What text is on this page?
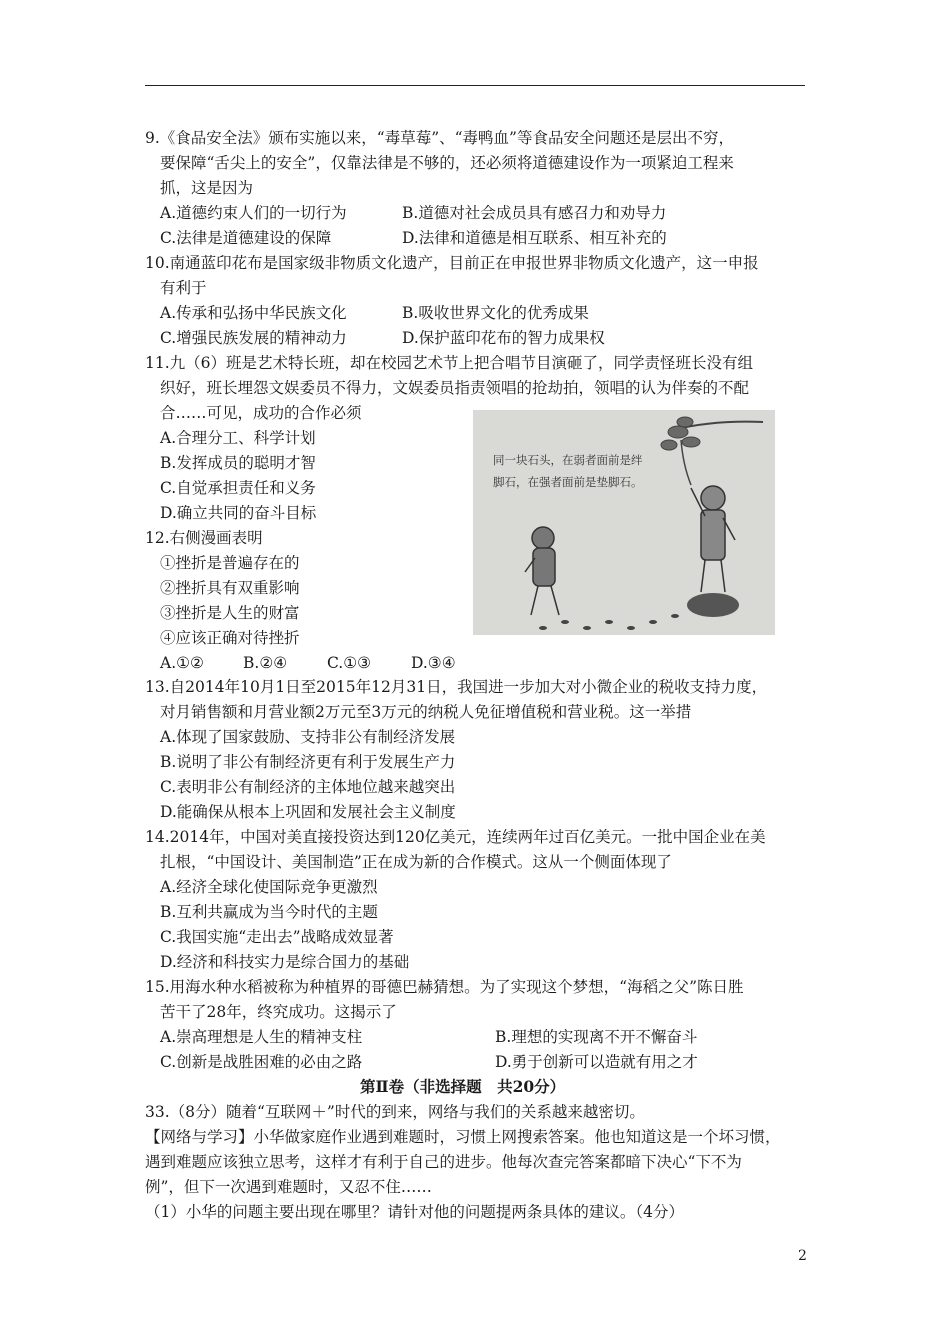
9.《食品安全法》颁布实施以来，“毒草莓”、“毒鸭血”等食品安全问题还是层出不穷，
要保障“舌尖上的安全”，仅靠法律是不够的，还必须将道德建设作为一项紧迫工程来
抓，这是因为
A.道德约束人们的一切行为	B.道德对社会成员具有感召力和劝导力
C.法律是道德建设的保障	D.法律和道德是相互联系、相互补充的
10.南通蓝印花布是国家级非物质文化遗产，目前正在申报世界非物质文化遗产，这一申报
有利于
A.传承和弘扬中华民族文化	B.吸收世界文化的优秀成果
C.增强民族发展的精神动力	D.保护蓝印花布的智力成果权
11.九（6）班是艺术特长班，却在校园艺术节上把合唱节目演砸了，同学责怪班长没有组
织好，班长埋怨文娱委员不得力，文娱委员指责领唱的抢劫拍，领唱的认为伴奏的不配
合……可见，成功的合作必须
A.合理分工、科学计划
B.发挥成员的聪明才智
C.自觉承担责任和义务
D.确立共同的奋斗目标
12.右侧漫画表明
①挫折是普遍存在的
②挫折具有双重影响
③挫折是人生的财富
④应该正确对待挫折
A.①②	B.②④	C.①③	D.③④
同一块石头，在弱者面前是绊
脚石，在强者面前是垫脚石。
13.自2014年10月1日至2015年12月31日，我国进一步加大对小微企业的税收支持力度，
对月销售额和月营业额2万元至3万元的纳税人免征增值税和营业税。这一举措
A.体现了国家鼓励、支持非公有制经济发展
B.说明了非公有制经济更有利于发展生产力
C.表明非公有制经济的主体地位越来越突出
D.能确保从根本上巩固和发展社会主义制度
14.2014年，中国对美直接投资达到120亿美元，连续两年过百亿美元。一批中国企业在美
扎根，“中国设计、美国制造”正在成为新的合作模式。这从一个侧面体现了
A.经济全球化使国际竞争更激烈
B.互利共赢成为当今时代的主题
C.我国实施“走出去”战略成效显著
D.经济和科技实力是综合国力的基础
15.用海水种水稻被称为种植界的哥德巴赫猜想。为了实现这个梦想，“海稻之父”陈日胜
苦干了28年，终究成功。这揭示了
A.崇高理想是人生的精神支柱	B.理想的实现离不开不懈奋斗
C.创新是战胜困难的必由之路	D.勇于创新可以造就有用之才
第Ⅱ卷（非选择题　共20分）
33.（8分）随着“互联网＋”时代的到来，网络与我们的关系越来越密切。
【网络与学习】小华做家庭作业遇到难题时，习惯上网搜索答案。他也知道这是一个坏习惯，
遇到难题应该独立思考，这样才有利于自己的进步。他每次查完答案都暗下决心“下不为
例”，但下一次遇到难题时，又忍不住……
（1）小华的问题主要出现在哪里？请针对他的问题提两条具体的建议。（4分）
2
